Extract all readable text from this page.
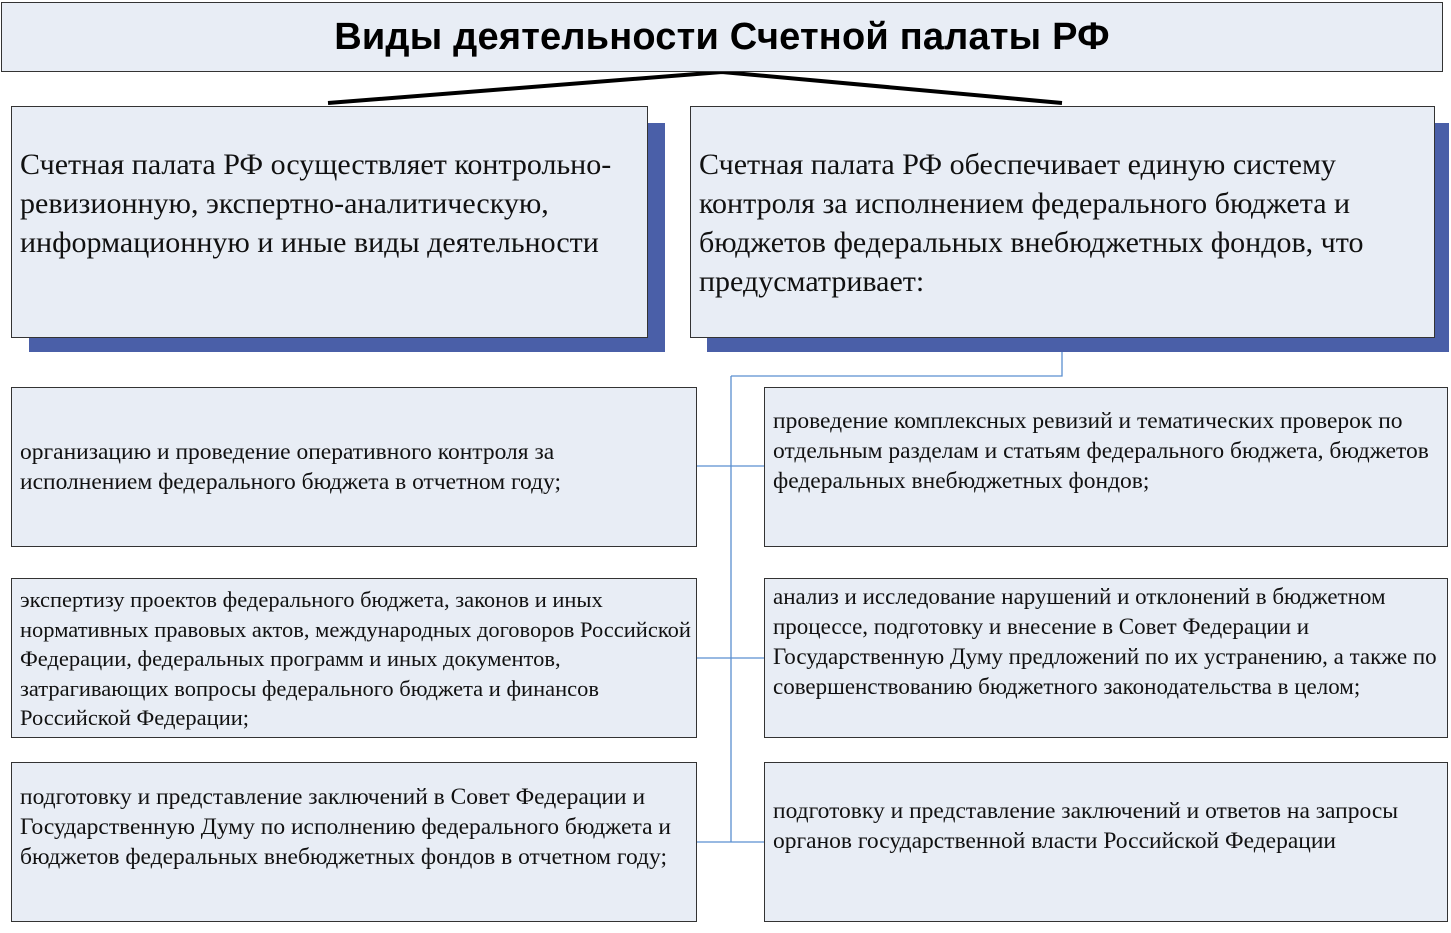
Виды деятельности Счетной палаты РФ

Счетная палата РФ осуществляет контрольно-ревизионную, экспертно-аналитическую, информационную и иные виды деятельности

Счетная палата РФ обеспечивает единую систему контроля за исполнением федерального бюджета и бюджетов федеральных внебюджетных фондов, что предусматривает:

организацию и проведение оперативного контроля за исполнением федерального бюджета в отчетном году;

экспертизу проектов федерального бюджета, законов и иных нормативных правовых актов, международных договоров Российской Федерации, федеральных программ и иных документов, затрагивающих вопросы федерального бюджета и финансов Российской Федерации;

подготовку и представление заключений в Совет Федерации и Государственную Думу по исполнению федерального бюджета и бюджетов федеральных внебюджетных фондов в отчетном году;

проведение комплексных ревизий и тематических проверок по отдельным разделам и статьям федерального бюджета, бюджетов федеральных внебюджетных фондов;

анализ и исследование нарушений и отклонений в бюджетном процессе, подготовку и внесение в Совет Федерации и Государственную Думу предложений по их устранению, а также по совершенствованию бюджетного законодательства в целом;

подготовку и представление заключений и ответов на запросы органов государственной власти Российской Федерации
